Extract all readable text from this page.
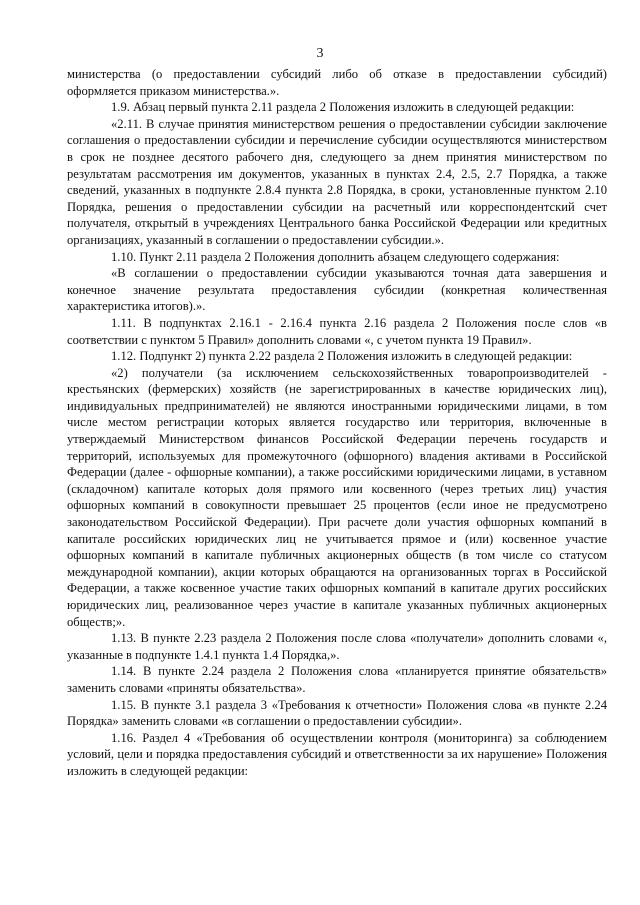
3

министерства (о предоставлении субсидий либо об отказе в предоставлении субсидий) оформляется приказом министерства.».

1.9. Абзац первый пункта 2.11 раздела 2 Положения изложить в следующей редакции:

«2.11. В случае принятия министерством решения о предоставлении субсидии заключение соглашения о предоставлении субсидии и перечисление субсидии осуществляются министерством в срок не позднее десятого рабочего дня, следующего за днем принятия министерством по результатам рассмотрения им документов, указанных в пунктах 2.4, 2.5, 2.7 Порядка, а также сведений, указанных в подпункте 2.8.4 пункта 2.8 Порядка, в сроки, установленные пунктом 2.10 Порядка, решения о предоставлении субсидии на расчетный или корреспондентский счет получателя, открытый в учреждениях Центрального банка Российской Федерации или кредитных организациях, указанный в соглашении о предоставлении субсидии.».

1.10. Пункт 2.11 раздела 2 Положения дополнить абзацем следующего содержания:

«В соглашении о предоставлении субсидии указываются точная дата завершения и конечное значение результата предоставления субсидии (конкретная количественная характеристика итогов).».

1.11. В подпунктах 2.16.1 - 2.16.4 пункта 2.16 раздела 2 Положения после слов «в соответствии с пунктом 5 Правил» дополнить словами «, с учетом пункта 19 Правил».

1.12. Подпункт 2) пункта 2.22 раздела 2 Положения изложить в следующей редакции:

«2) получатели (за исключением сельскохозяйственных товаропроизводителей - крестьянских (фермерских) хозяйств (не зарегистрированных в качестве юридических лиц), индивидуальных предпринимателей) не являются иностранными юридическими лицами, в том числе местом регистрации которых является государство или территория, включенные в утверждаемый Министерством финансов Российской Федерации перечень государств и территорий, используемых для промежуточного (офшорного) владения активами в Российской Федерации (далее - офшорные компании), а также российскими юридическими лицами, в уставном (складочном) капитале которых доля прямого или косвенного (через третьих лиц) участия офшорных компаний в совокупности превышает 25 процентов (если иное не предусмотрено законодательством Российской Федерации). При расчете доли участия офшорных компаний в капитале российских юридических лиц не учитывается прямое и (или) косвенное участие офшорных компаний в капитале публичных акционерных обществ (в том числе со статусом международной компании), акции которых обращаются на организованных торгах в Российской Федерации, а также косвенное участие таких офшорных компаний в капитале других российских юридических лиц, реализованное через участие в капитале указанных публичных акционерных обществ;».

1.13. В пункте 2.23 раздела 2 Положения после слова «получатели» дополнить словами «, указанные в подпункте 1.4.1 пункта 1.4 Порядка,».

1.14. В пункте 2.24 раздела 2 Положения слова «планируется принятие обязательств» заменить словами «приняты обязательства».

1.15. В пункте 3.1 раздела 3 «Требования к отчетности» Положения слова «в пункте 2.24 Порядка» заменить словами «в соглашении о предоставлении субсидии».

1.16. Раздел 4 «Требования об осуществлении контроля (мониторинга) за соблюдением условий, цели и порядка предоставления субсидий и ответственности за их нарушение» Положения изложить в следующей редакции:
